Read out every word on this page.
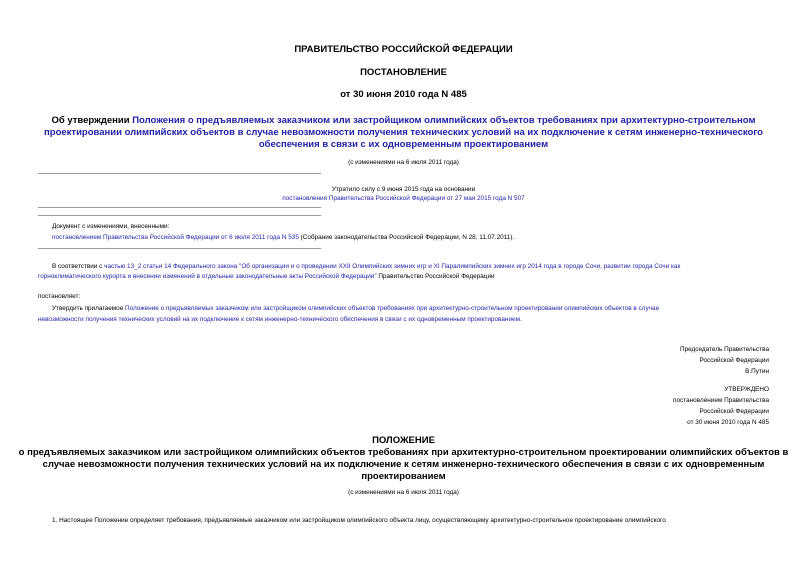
ПРАВИТЕЛЬСТВО РОССИЙСКОЙ ФЕДЕРАЦИИ
ПОСТАНОВЛЕНИЕ
от 30 июня 2010 года N 485
Об утверждении Положения о предъявляемых заказчиком или застройщиком олимпийских объектов требованиях при архитектурно-строительном
проектировании олимпийских объектов в случае невозможности получения технических условий на их подключение к сетям инженерно-технического
обеспечения в связи с их одновременным проектированием
(с изменениями на 6 июля 2011 года)
Утратило силу с 9 июня 2015 года на основании
постановления Правительства Российской Федерации от 27 мая 2015 года N 507
Документ с изменениями, внесенными:
постановлением Правительства Российской Федерации от 6 июля 2011 года N 535 (Собрание законодательства Российской Федерации, N 28, 11.07.2011).
В соответствии с частью 13_2 статьи 14 Федерального закона "Об организации и о проведении XXII Олимпийских зимних игр и XI Паралимпийских зимних игр 2014 года в городе Сочи, развитии города Сочи как
горноклиматического курорта и внесении изменений в отдельные законодательные акты Российской Федерации" Правительство Российской Федерации
постановляет:
Утвердить прилагаемое Положение о предъявляемых заказчиком или застройщиком олимпийских объектов требованиях при архитектурно-строительном проектировании олимпийских объектов в случае
невозможности получения технических условий на их подключение к сетям инженерно-технического обеспечения в связи с их одновременным проектированием.
Председатель Правительства
Российской Федерации
В.Путин
УТВЕРЖДЕНО
постановлением Правительства
Российской Федерации
от 30 июня 2010 года N 485
ПОЛОЖЕНИЕ
о предъявляемых заказчиком или застройщиком олимпийских объектов требованиях при архитектурно-строительном проектировании олимпийских объектов в
случае невозможности получения технических условий на их подключение к сетям инженерно-технического обеспечения в связи с их одновременным
проектированием
(с изменениями на 6 июля 2011 года)
1. Настоящее Положение определяет требования, предъявляемые заказчиком или застройщиком олимпийского объекта лицу, осуществляющему архитектурно-строительное проектирование олимпийского
